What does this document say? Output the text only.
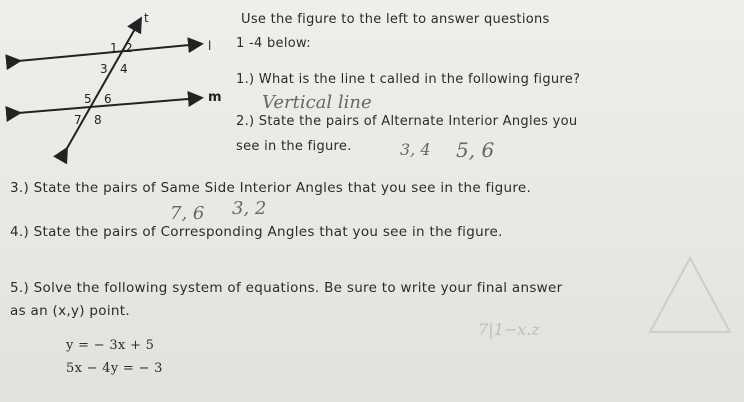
t
l
m
1 2
3 4
5 6
7 8
Use the figure to the left to answer questions
1 -4 below:
1.) What is the line t called in the following figure?
Vertical line
2.) State the pairs of Alternate Interior Angles you
see in the figure.	3, 4 5, 6
3.) State the pairs of Same Side Interior Angles that you see in the figure.
7, 6 3, 2
4.) State the pairs of Corresponding Angles that you see in the figure.
5.) Solve the following system of equations. Be sure to write your final answer
as an (x,y) point.
y = − 3x + 5
5x − 4y = − 3
7|1−x.z
